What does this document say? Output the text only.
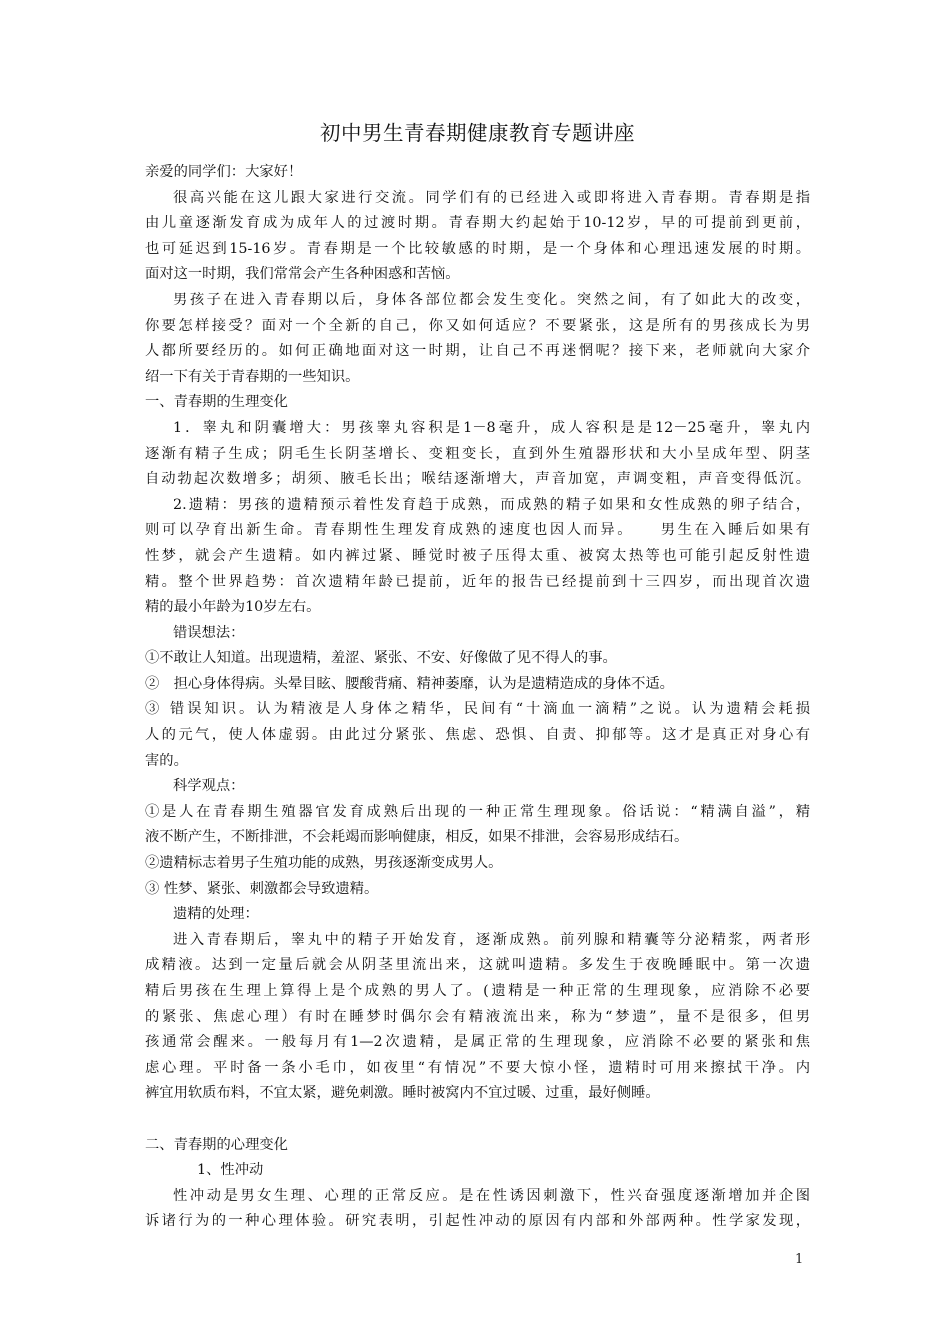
初中男生青春期健康教育专题讲座
亲爱的同学们：大家好！
很高兴能在这儿跟大家进行交流。同学们有的已经进入或即将进入青春期。青春期是指
由儿童逐渐发育成为成年人的过渡时期。青春期大约起始于10-12岁，早的可提前到更前，
也可延迟到15-16岁。青春期是一个比较敏感的时期，是一个身体和心理迅速发展的时期。
面对这一时期，我们常常会产生各种困惑和苦恼。
男孩子在进入青春期以后，身体各部位都会发生变化。突然之间，有了如此大的改变，
你要怎样接受？面对一个全新的自己，你又如何适应？不要紧张，这是所有的男孩成长为男
人都所要经历的。如何正确地面对这一时期，让自己不再迷惘呢？接下来，老师就向大家介
绍一下有关于青春期的一些知识。
一、青春期的生理变化
1．睾丸和阴囊增大：男孩睾丸容积是1－8毫升，成人容积是是12－25毫升，睾丸内
逐渐有精子生成；阴毛生长阴茎增长、变粗变长，直到外生殖器形状和大小呈成年型、阴茎
自动勃起次数增多；胡须、腋毛长出；喉结逐渐增大，声音加宽，声调变粗，声音变得低沉。
2.遗精：男孩的遗精预示着性发育趋于成熟，而成熟的精子如果和女性成熟的卵子结合，
则可以孕育出新生命。青春期性生理发育成熟的速度也因人而异。　　男生在入睡后如果有
性梦，就会产生遗精。如内裤过紧、睡觉时被子压得太重、被窝太热等也可能引起反射性遗
精。整个世界趋势：首次遗精年龄已提前，近年的报告已经提前到十三四岁，而出现首次遗
精的最小年龄为10岁左右。
错误想法：
①不敢让人知道。出现遗精，羞涩、紧张、不安、好像做了见不得人的事。
②　担心身体得病。头晕目眩、腰酸背痛、精神萎靡，认为是遗精造成的身体不适。
③ 错误知识。认为精液是人身体之精华，民间有“十滴血一滴精”之说。认为遗精会耗损
人的元气，使人体虚弱。由此过分紧张、焦虑、恐惧、自责、抑郁等。这才是真正对身心有
害的。
科学观点：
①是人在青春期生殖器官发育成熟后出现的一种正常生理现象。俗话说：“精满自溢”，精
液不断产生，不断排泄，不会耗竭而影响健康，相反，如果不排泄，会容易形成结石。
②遗精标志着男子生殖功能的成熟，男孩逐渐变成男人。
③ 性梦、紧张、刺激都会导致遗精。
遗精的处理：
进入青春期后，睾丸中的精子开始发育，逐渐成熟。前列腺和精囊等分泌精浆，两者形
成精液。达到一定量后就会从阴茎里流出来，这就叫遗精。多发生于夜晚睡眠中。第一次遗
精后男孩在生理上算得上是个成熟的男人了。(遗精是一种正常的生理现象，应消除不必要
的紧张、焦虑心理）有时在睡梦时偶尔会有精液流出来，称为“梦遗”，量不是很多，但男
孩通常会醒来。一般每月有1—2次遗精，是属正常的生理现象，应消除不必要的紧张和焦
虑心理。平时备一条小毛巾，如夜里“有情况”不要大惊小怪，遗精时可用来擦拭干净。内
裤宜用软质布料，不宜太紧，避免刺激。睡时被窝内不宜过暖、过重，最好侧睡。
二、青春期的心理变化
1、性冲动
性冲动是男女生理、心理的正常反应。是在性诱因刺激下，性兴奋强度逐渐增加并企图
诉诸行为的一种心理体验。研究表明，引起性冲动的原因有内部和外部两种。性学家发现，
1
